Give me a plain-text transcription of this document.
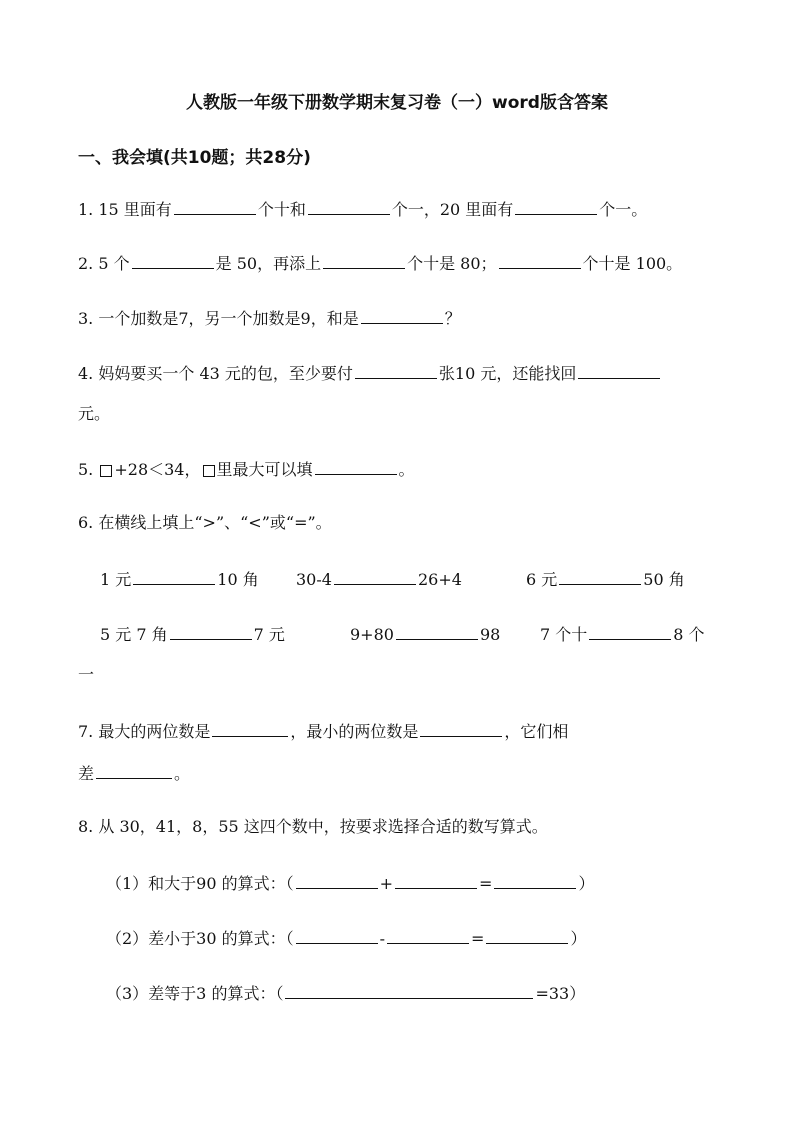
人教版一年级下册数学期末复习卷（一）word版含答案
一、我会填(共10题；共28分)
1. 15 里面有	个十和	个一，20 里面有	个一。
2. 5 个	是 50，再添上	个十是 80；	个十是 100。
3. 一个加数是7，另一个加数是9，和是	？
4. 妈妈要买一个 43 元的包，至少要付	张10 元，还能找回
元。
5. +28＜34， 里最大可以填	。
6. 在横线上填上“>”、“<”或“=”。
1 元	10 角 30-4	26+4	6 元	50 角
5 元 7 角	7 元	9+80	98 7 个十	8 个
一
7. 最大的两位数是	，最小的两位数是	，它们相
差	。
8. 从 30，41，8，55 这四个数中，按要求选择合适的数写算式。
（1）和大于90 的算式：（	+	=	）
（2）差小于30 的算式：（	-	=	）
（3）差等于3 的算式：（	=33）
